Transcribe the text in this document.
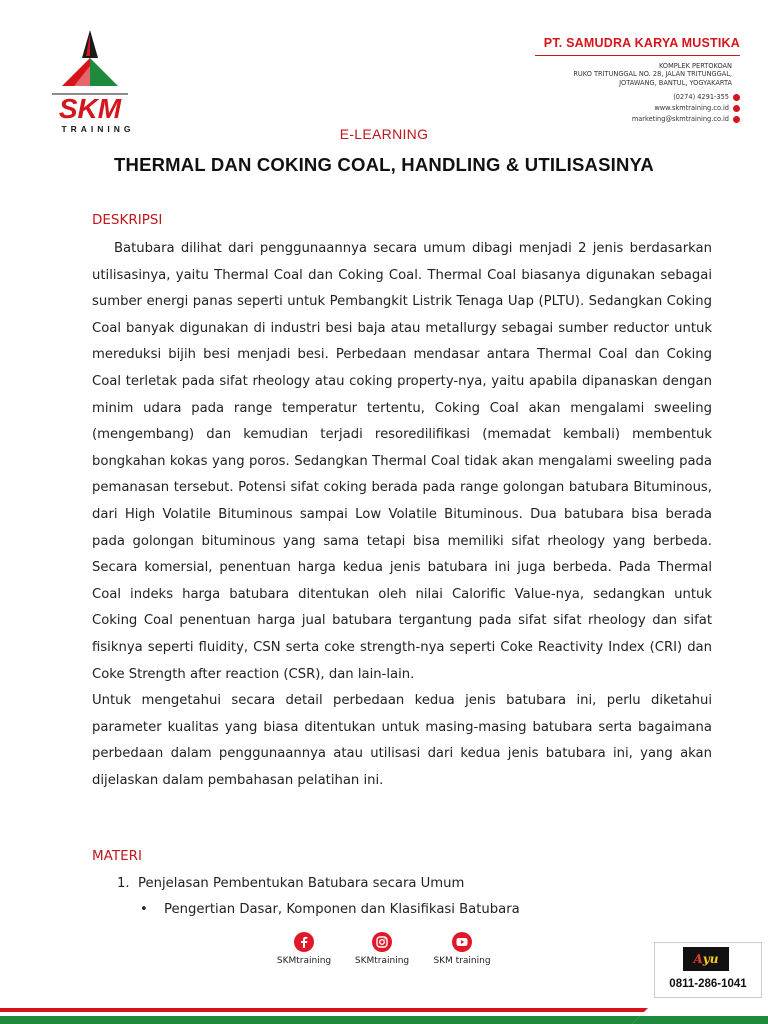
SKM
TRAINING
PT. SAMUDRA KARYA MUSTIKA
KOMPLEK PERTOKOAN
RUKO TRITUNGGAL NO. 28, JALAN TRITUNGGAL,
JOTAWANG, BANTUL, YOGYAKARTA
(0274) 4291-355
www.skmtraining.co.id
marketing@skmtraining.co.id
E-LEARNING
THERMAL DAN COKING COAL, HANDLING & UTILISASINYA
DESKRIPSI

Batubara dilihat dari penggunaannya secara umum dibagi menjadi 2 jenis berdasarkan utilisasinya, yaitu Thermal Coal dan Coking Coal. Thermal Coal biasanya digunakan sebagai sumber energi panas seperti untuk Pembangkit Listrik Tenaga Uap (PLTU). Sedangkan Coking Coal banyak digunakan di industri besi baja atau metallurgy sebagai sumber reductor untuk mereduksi bijih besi menjadi besi. Perbedaan mendasar antara Thermal Coal dan Coking Coal terletak pada sifat rheology atau coking property-nya, yaitu apabila dipanaskan dengan minim udara pada range temperatur tertentu, Coking Coal akan mengalami sweeling (mengembang) dan kemudian terjadi resoredilifikasi (memadat kembali) membentuk bongkahan kokas yang poros. Sedangkan Thermal Coal tidak akan mengalami sweeling pada pemanasan tersebut. Potensi sifat coking berada pada range golongan batubara Bituminous, dari High Volatile Bituminous sampai Low Volatile Bituminous. Dua batubara bisa berada pada golongan bituminous yang sama tetapi bisa memiliki sifat rheology yang berbeda. Secara komersial, penentuan harga kedua jenis batubara ini juga berbeda. Pada Thermal Coal indeks harga batubara ditentukan oleh nilai Calorific Value-nya, sedangkan untuk Coking Coal penentuan harga jual batubara tergantung pada sifat sifat rheology dan sifat fisiknya seperti fluidity, CSN serta coke strength-nya seperti Coke Reactivity Index (CRI) dan Coke Strength after reaction (CSR), dan lain-lain.

Untuk mengetahui secara detail perbedaan kedua jenis batubara ini, perlu diketahui parameter kualitas yang biasa ditentukan untuk masing-masing batubara serta bagaimana perbedaan dalam penggunaannya atau utilisasi dari kedua jenis batubara ini, yang akan dijelaskan dalam pembahasan pelatihan ini.

MATERI
1. Penjelasan Pembentukan Batubara secara Umum
• Pengertian Dasar, Komponen dan Klasifikasi Batubara
SKMtraining	SKMtraining	SKM training	A yu
0811-286-1041
